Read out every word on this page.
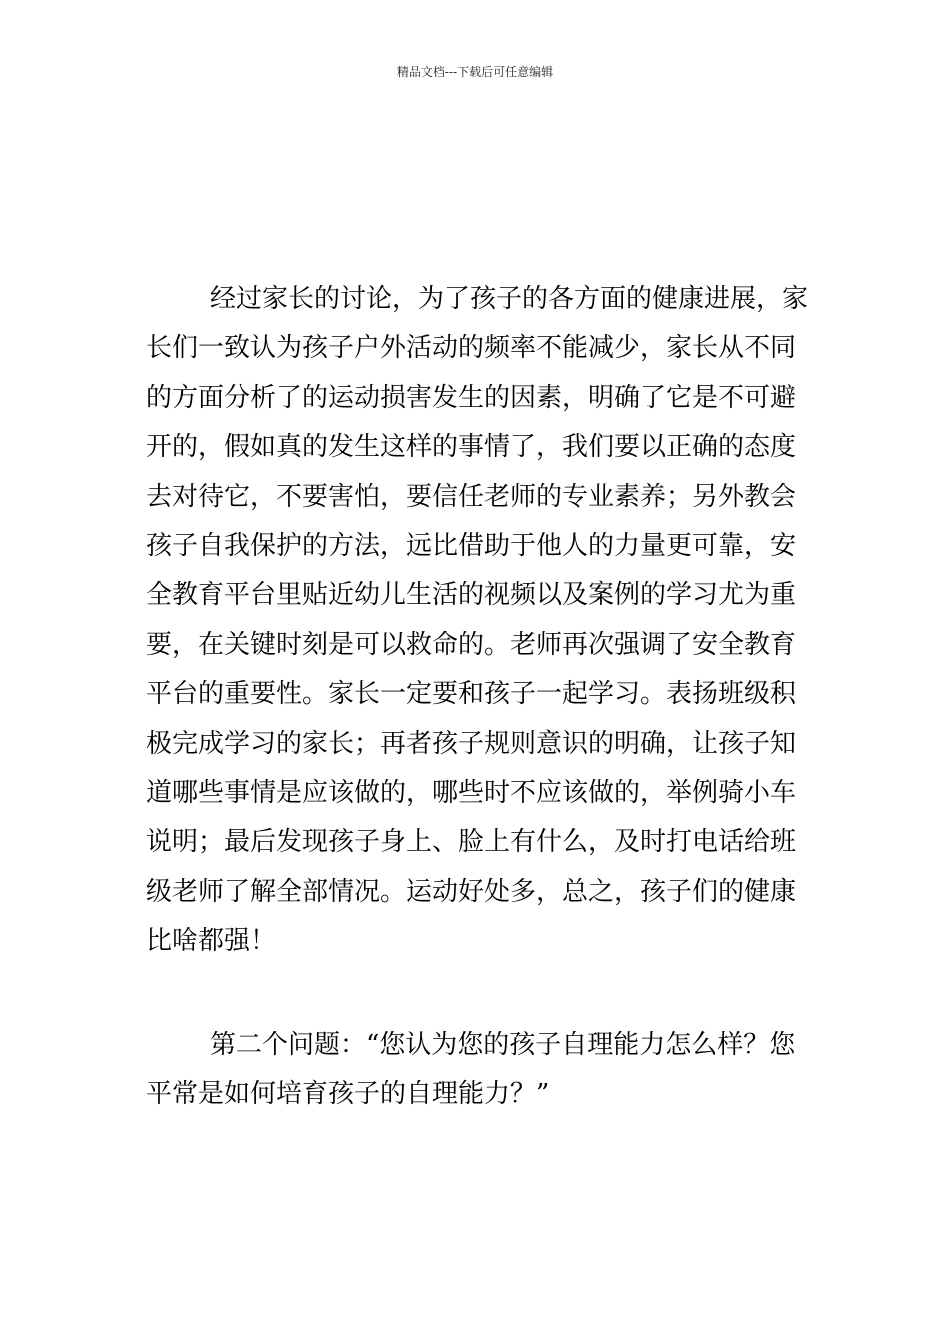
精品文档---下载后可任意编辑
经过家长的讨论，为了孩子的各方面的健康进展，家
长们一致认为孩子户外活动的频率不能减少，家长从不同
的方面分析了的运动损害发生的因素，明确了它是不可避
开的，假如真的发生这样的事情了，我们要以正确的态度
去对待它，不要害怕，要信任老师的专业素养；另外教会
孩子自我保护的方法，远比借助于他人的力量更可靠，安
全教育平台里贴近幼儿生活的视频以及案例的学习尤为重
要，在关键时刻是可以救命的。老师再次强调了安全教育
平台的重要性。家长一定要和孩子一起学习。表扬班级积
极完成学习的家长；再者孩子规则意识的明确，让孩子知
道哪些事情是应该做的，哪些时不应该做的，举例骑小车
说明；最后发现孩子身上、脸上有什么，及时打电话给班
级老师了解全部情况。运动好处多，总之，孩子们的健康
比啥都强！
第二个问题：“您认为您的孩子自理能力怎么样？您
平常是如何培育孩子的自理能力？”
